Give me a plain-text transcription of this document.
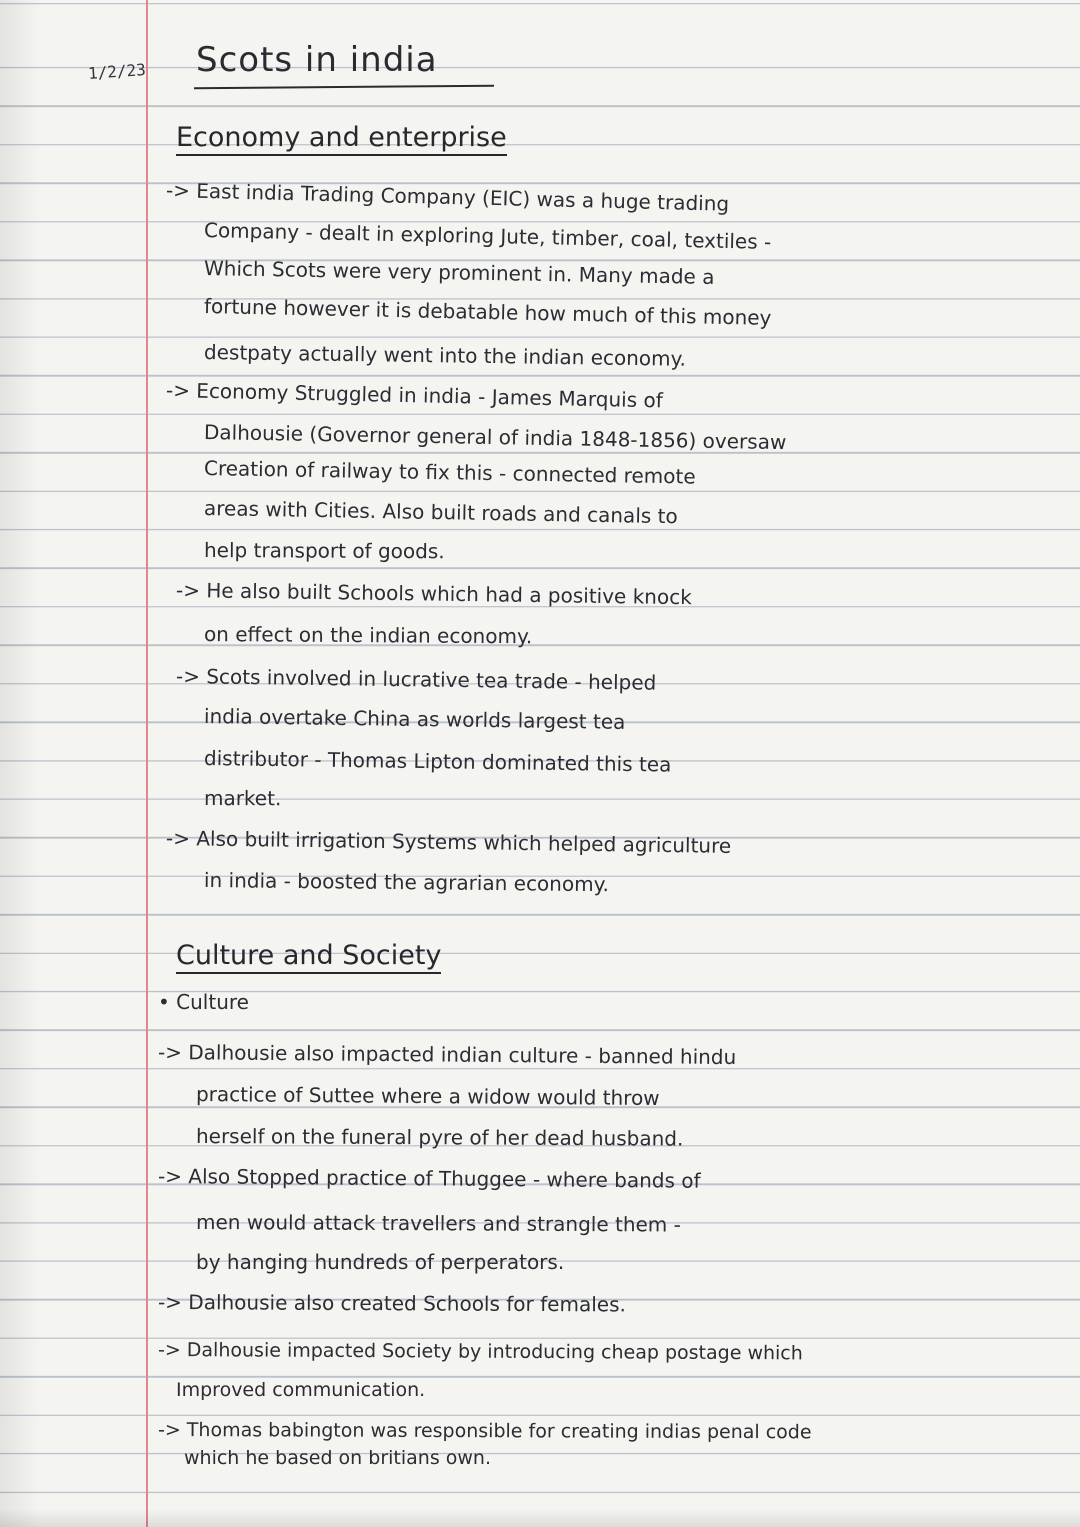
1/2/23 Scots in india
Economy and enterprise
-> East india Trading Company (EIC) was a huge trading
Company - dealt in exploring Jute, timber, coal, textiles -
Which Scots were very prominent in. Many made a
fortune however it is debatable how much of this money
destpaty actually went into the indian economy.
-> Economy Struggled in india - James Marquis of
Dalhousie (Governor general of india 1848-1856) oversaw
Creation of railway to fix this - connected remote
areas with Cities. Also built roads and canals to
help transport of goods.
-> He also built Schools which had a positive knock
on effect on the indian economy.
-> Scots involved in lucrative tea trade - helped
india overtake China as worlds largest tea
distributor - Thomas Lipton dominated this tea
market.
-> Also built irrigation Systems which helped agriculture
in india - boosted the agrarian economy.
Culture and Society
• Culture
-> Dalhousie also impacted indian culture - banned hindu
practice of Suttee where a widow would throw
herself on the funeral pyre of her dead husband.
-> Also Stopped practice of Thuggee - where bands of
men would attack travellers and strangle them -
by hanging hundreds of perperators.
-> Dalhousie also created Schools for females.
-> Dalhousie impacted Society by introducing cheap postage which
Improved communication.
-> Thomas babington was responsible for creating indias penal code
which he based on britians own.
